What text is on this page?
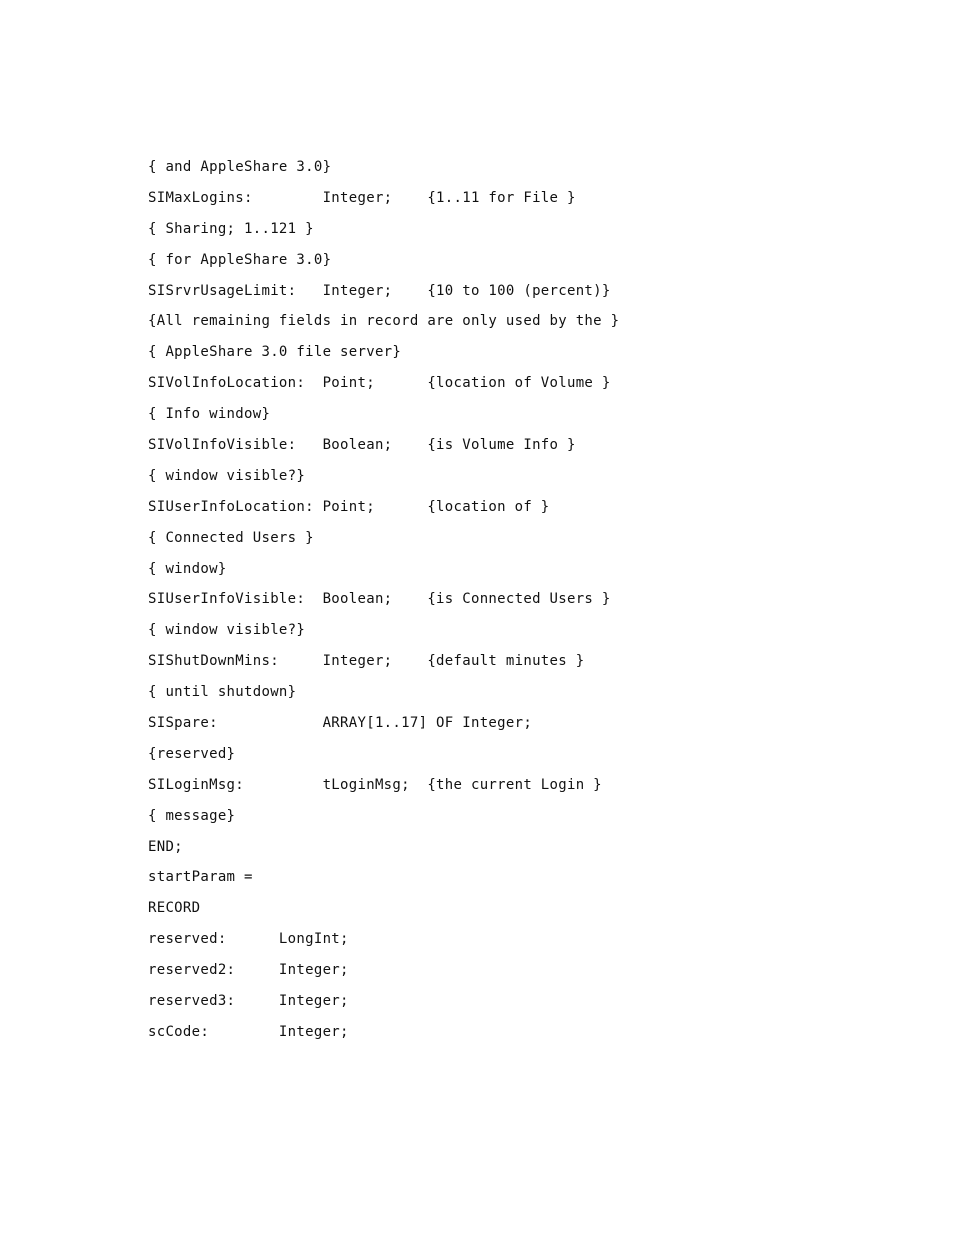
{ and AppleShare 3.0}
SIMaxLogins:        Integer;    {1..11 for File }
{ Sharing; 1..121 }
{ for AppleShare 3.0}
SISrvrUsageLimit:   Integer;    {10 to 100 (percent)}
{All remaining fields in record are only used by the }
{ AppleShare 3.0 file server}
SIVolInfoLocation:  Point;      {location of Volume }
{ Info window}
SIVolInfoVisible:   Boolean;    {is Volume Info }
{ window visible?}
SIUserInfoLocation: Point;      {location of }
{ Connected Users }
{ window}
SIUserInfoVisible:  Boolean;    {is Connected Users }
{ window visible?}
SIShutDownMins:     Integer;    {default minutes }
{ until shutdown}
SISpare:            ARRAY[1..17] OF Integer;
{reserved}
SILoginMsg:         tLoginMsg;  {the current Login }
{ message}
END;
startParam =
RECORD
reserved:      LongInt;
reserved2:     Integer;
reserved3:     Integer;
scCode:        Integer;
